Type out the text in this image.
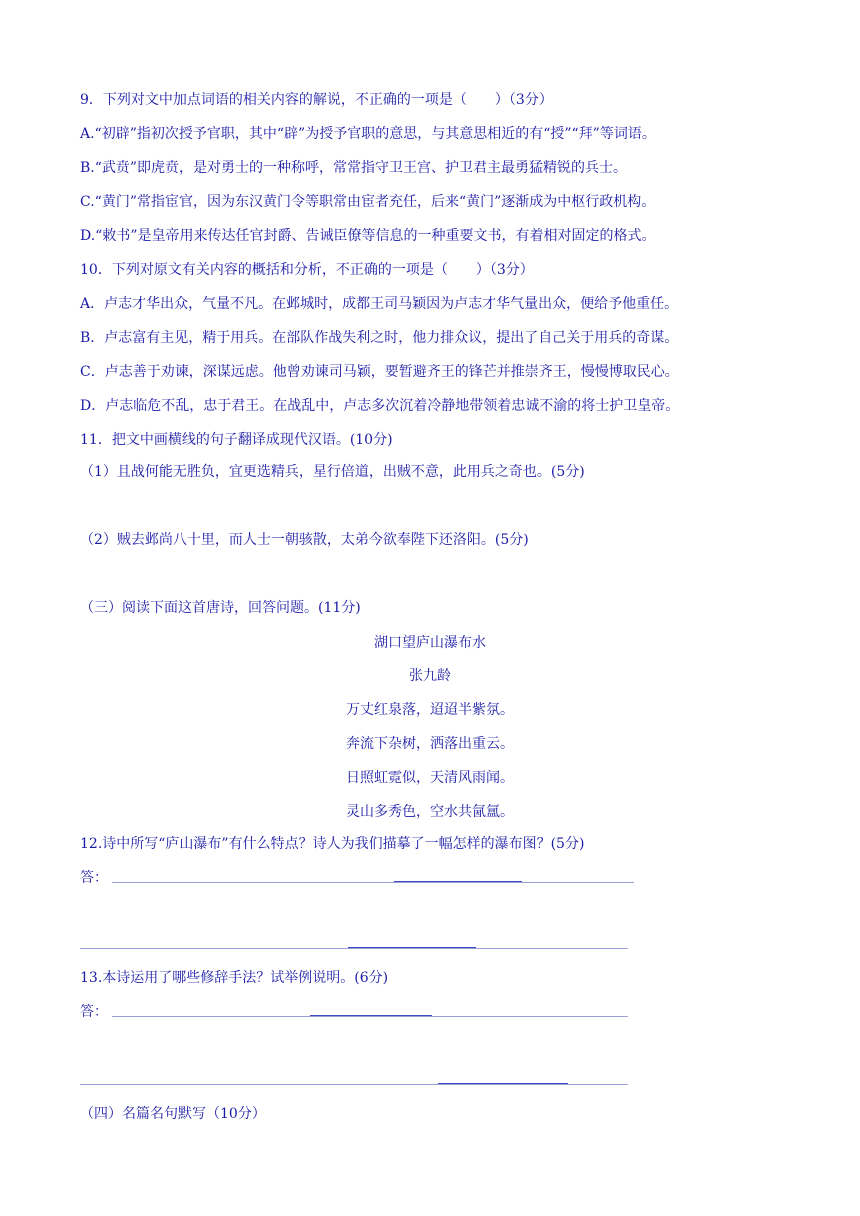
9．下列对文中加点词语的相关内容的解说，不正确的一项是（　　）（3分）
A.“初辟”指初次授予官职，其中“辟”为授予官职的意思，与其意思相近的有“授”“拜”等词语。
B.“武贲”即虎贲，是对勇士的一种称呼，常常指守卫王宫、护卫君主最勇猛精锐的兵士。
C.“黄门”常指宦官，因为东汉黄门令等职常由宦者充任，后来“黄门”逐渐成为中枢行政机构。
D.“敕书”是皇帝用来传达任官封爵、告诫臣僚等信息的一种重要文书，有着相对固定的格式。
10．下列对原文有关内容的概括和分析，不正确的一项是（　　）（3分）
A．卢志才华出众，气量不凡。在邺城时，成都王司马颖因为卢志才华气量出众，便给予他重任。
B．卢志富有主见，精于用兵。在部队作战失利之时，他力排众议，提出了自己关于用兵的奇谋。
C．卢志善于劝谏，深谋远虑。他曾劝谏司马颖，要暂避齐王的锋芒并推崇齐王，慢慢博取民心。
D．卢志临危不乱，忠于君王。在战乱中，卢志多次沉着冷静地带领着忠诚不渝的将士护卫皇帝。
11．把文中画横线的句子翻译成现代汉语。(10分)
（1）且战何能无胜负，宜更选精兵，星行倍道，出贼不意，此用兵之奇也。(5分)
（2）贼去邺尚八十里，而人士一朝骇散，太弟今欲奉陛下还洛阳。(5分)
（三）阅读下面这首唐诗，回答问题。(11分)
湖口望庐山瀑布水
张九龄
万丈红泉落，迢迢半紫氛。
奔流下杂树，洒落出重云。
日照虹霓似，天清风雨闻。
灵山多秀色，空水共氤氲。
12.诗中所写“庐山瀑布”有什么特点？诗人为我们描摹了一幅怎样的瀑布图？(5分)
答：
13.本诗运用了哪些修辞手法？试举例说明。(6分)
答：
（四）名篇名句默写（10分）
